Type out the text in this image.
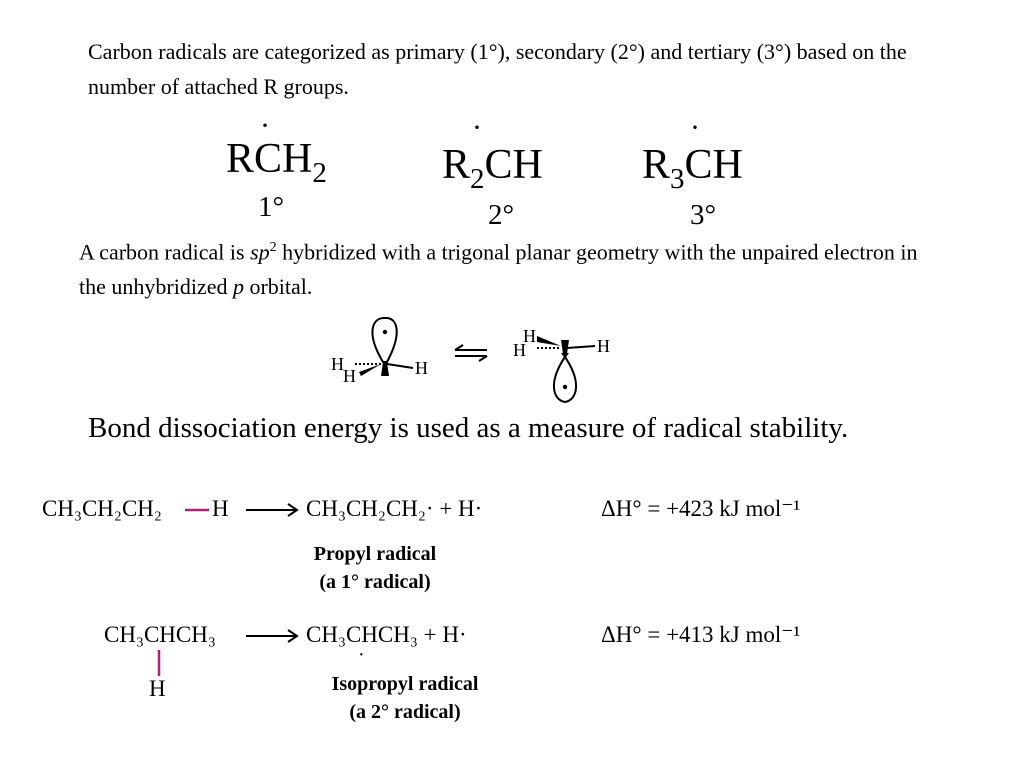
Carbon radicals are categorized as primary (1°), secondary (2°) and tertiary (3°) based on the number of attached R groups.
·
$RCH_2$
1°
·
$R_2CH$
2°
·
$R_3CH$
3°
A carbon radical is $sp^2$ hybridized with a trigonal planar geometry with the unpaired electron in the unhybridized p orbital.
H
H	H
H
H	H
Bond dissociation energy is used as a measure of radical stability.
CH₃CH₂CH₂ H → CH₃CH₂CH₂· + H·	ΔH° = +423 kJ mol⁻¹
Propyl radical
(a 1° radical)
CH₃CHCH₃
H
→ CH₃CHCH₃ + H·
·
ΔH° = +413 kJ mol⁻¹
Isopropyl radical
(a 2° radical)
